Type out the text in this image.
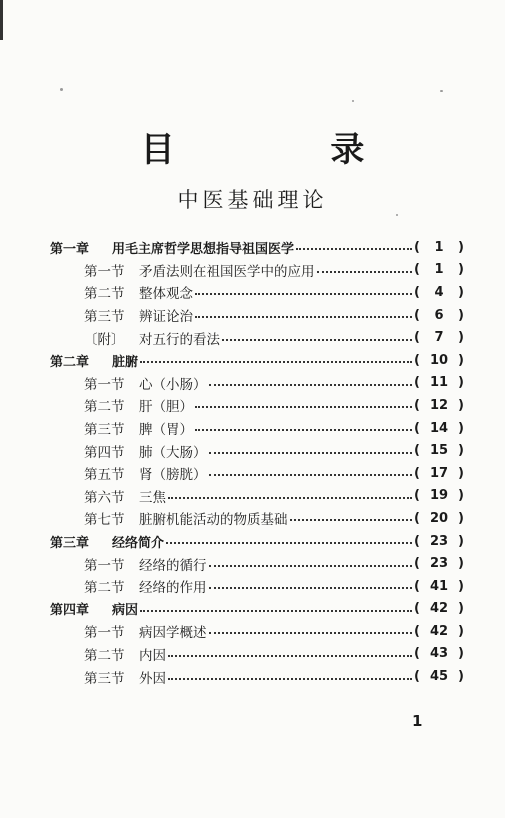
目 录
中医基础理论
第一章	用毛主席哲学思想指导祖国医学	( 1 )
第一节	矛盾法则在祖国医学中的应用	( 1 )
第二节	整体观念	( 4 )
第三节	辨证论治	( 6 )
〔附〕	对五行的看法	( 7 )
第二章	脏腑	( 10 )
第一节	心（小肠）	( 11 )
第二节	肝（胆）	( 12 )
第三节	脾（胃）	( 14 )
第四节	肺（大肠）	( 15 )
第五节	肾（膀胱）	( 17 )
第六节	三焦	( 19 )
第七节	脏腑机能活动的物质基础	( 20 )
第三章	经络简介	( 23 )
第一节	经络的循行	( 23 )
第二节	经络的作用	( 41 )
第四章	病因	( 42 )
第一节	病因学概述	( 42 )
第二节	内因	( 43 )
第三节	外因	( 45 )
1
